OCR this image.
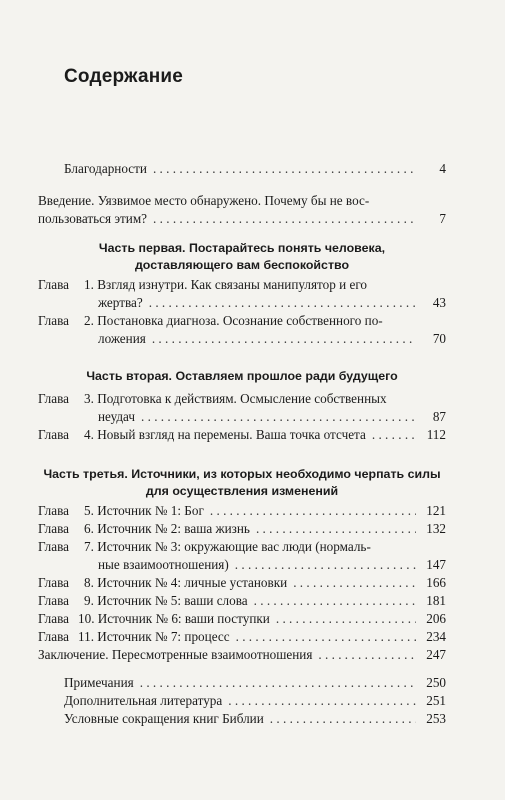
Содержание
Благодарности . . .	4
Введение. Уязвимое место обнаружено. Почему бы не вос-
пользоваться этим? . . .	7
Часть первая. Постарайтесь понять человека,
доставляющего вам беспокойство
Глава 1. Взгляд изнутри. Как связаны манипулятор и его
жертва? . . .	43
Глава 2. Постановка диагноза. Осознание собственного по-
ложения . . .	70
Часть вторая. Оставляем прошлое ради будущего
Глава 3. Подготовка к действиям. Осмысление собственных
неудач . . .	87
Глава 4. Новый взгляд на перемены. Ваша точка отсчета . . .	112
Часть третья. Источники, из которых необходимо черпать силы
для осуществления изменений
Глава 5. Источник № 1: Бог . . .	121
Глава 6. Источник № 2: ваша жизнь . . .	132
Глава 7. Источник № 3: окружающие вас люди (нормаль-
ные взаимоотношения) . . .	147
Глава 8. Источник № 4: личные установки . . .	166
Глава 9. Источник № 5: ваши слова . . .	181
Глава 10. Источник № 6: ваши поступки . . .	206
Глава 11. Источник № 7: процесс . . .	234
Заключение. Пересмотренные взаимоотношения . . .	247
Примечания . . .	250
Дополнительная литература . . .	251
Условные сокращения книг Библии . . .	253
